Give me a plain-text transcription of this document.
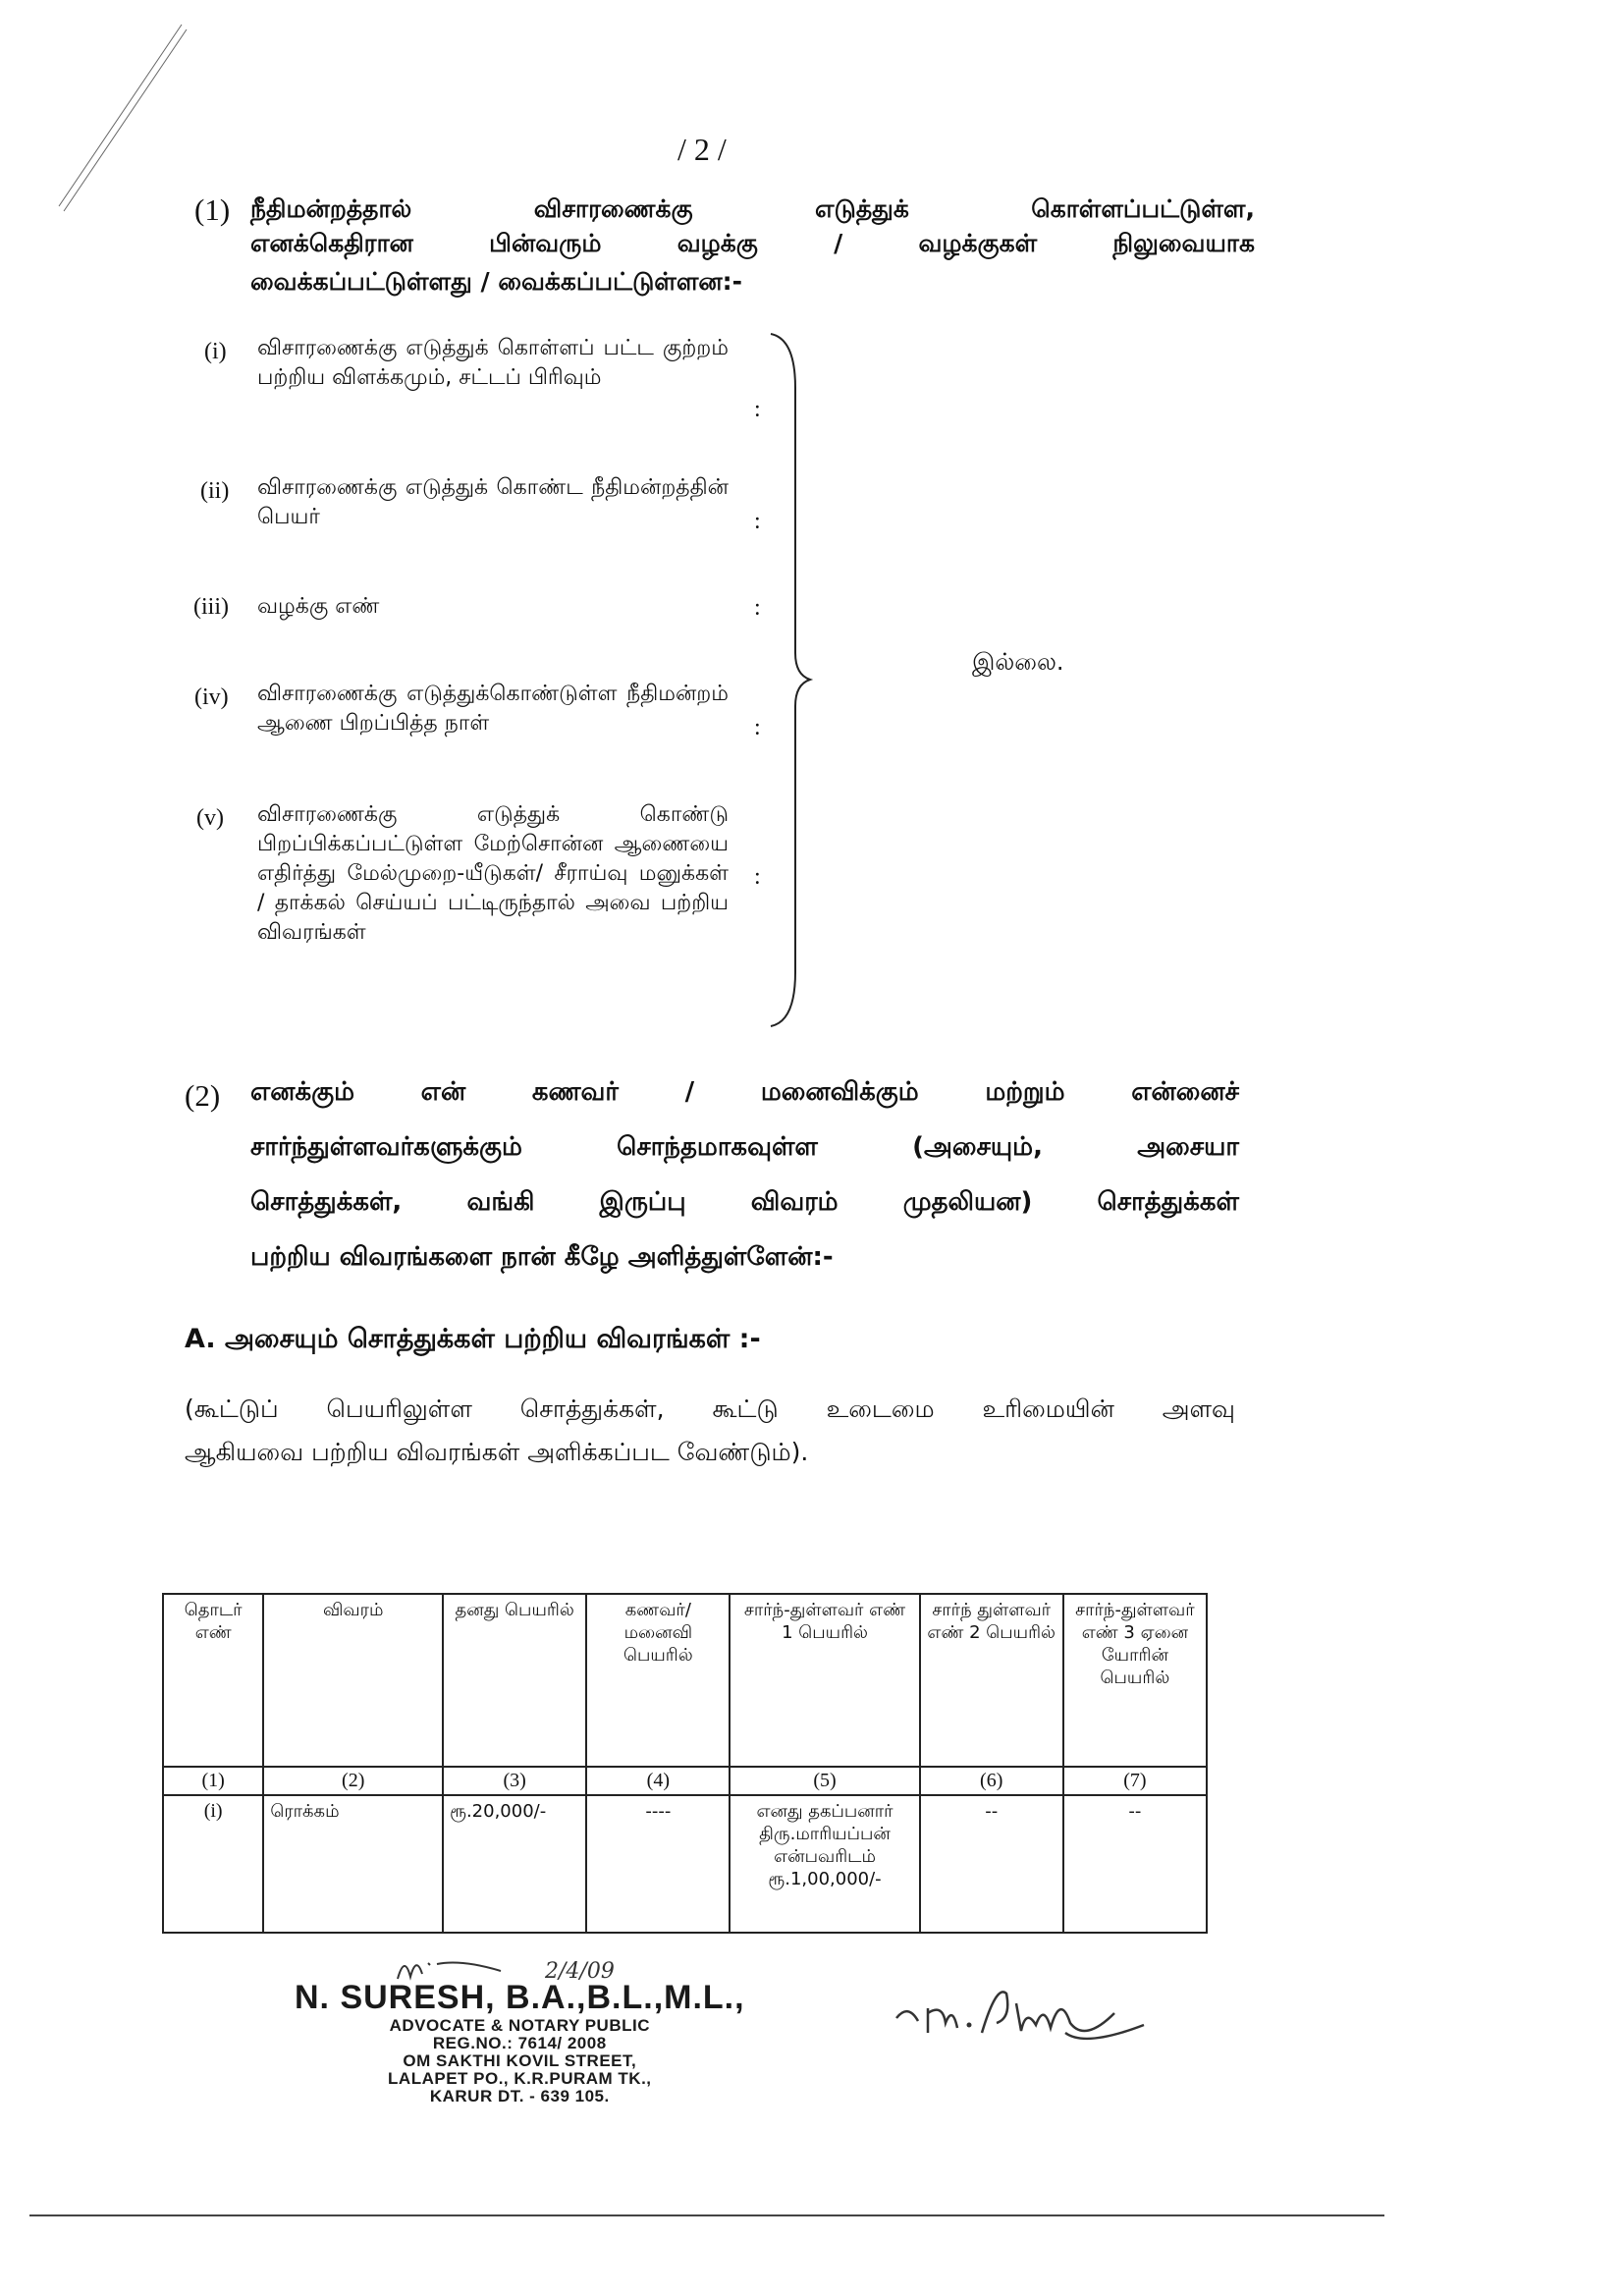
/ 2 /
(1) நீதிமன்றத்தால்	விசாரணைக்கு	எடுத்துக்	கொள்ளப்பட்டுள்ள,
எனக்கெதிரான	பின்வரும்	வழக்கு	/	வழக்குகள்	நிலுவையாக
வைக்கப்பட்டுள்ளது / வைக்கப்பட்டுள்ளன:-
(i) விசாரணைக்கு எடுத்துக் கொள்ளப் பட்ட குற்றம் பற்றிய விளக்கமும், சட்டப் பிரிவும்
:
(ii) விசாரணைக்கு எடுத்துக் கொண்ட நீதிமன்றத்தின் பெயர்	:
(iii) வழக்கு எண்	:
(iv) விசாரணைக்கு எடுத்துக்கொண்டுள்ள நீதிமன்றம் ஆணை பிறப்பித்த நாள்	:
(v) விசாரணைக்கு எடுத்துக் கொண்டு பிறப்பிக்கப்பட்டுள்ள மேற்சொன்ன ஆணையை எதிர்த்து மேல்முறை-யீடுகள்/ சீராய்வு மனுக்கள் / தாக்கல் செய்யப் பட்டிருந்தால் அவை பற்றிய விவரங்கள்
:
இல்லை.
(2) எனக்கும்	என்	கணவர்	/	மனைவிக்கும்	மற்றும்	என்னைச்
சார்ந்துள்ளவர்களுக்கும்	சொந்தமாகவுள்ள	(அசையும்,	அசையா
சொத்துக்கள்,	வங்கி	இருப்பு	விவரம்	முதலியன)	சொத்துக்கள்
பற்றிய விவரங்களை நான் கீழே அளித்துள்ளேன்:-
A. அசையும் சொத்துக்கள் பற்றிய விவரங்கள் :-
(கூட்டுப் பெயரிலுள்ள சொத்துக்கள், கூட்டு உடைமை உரிமையின் அளவு
ஆகியவை பற்றிய விவரங்கள் அளிக்கப்பட வேண்டும்).
தொடர் எண்	விவரம்	தனது பெயரில்	கணவர்/ மனைவி பெயரில்	சார்ந்-துள்ளவர் எண் 1 பெயரில்	சார்ந் துள்ளவர் எண் 2 பெயரில்	சார்ந்-துள்ளவர் எண் 3 ஏனை யோரின் பெயரில்
(1)	(2)	(3)	(4)	(5)	(6)	(7)
(i)	ரொக்கம்	ரூ.20,000/-	----	எனது தகப்பனார் திரு.மாரியப்பன் என்பவரிடம் ரூ.1,00,000/-	--	--
N. SURESH, B.A.,B.L.,M.L.,
ADVOCATE & NOTARY PUBLIC
REG.NO.: 7614/ 2008
OM SAKTHI KOVIL STREET,
LALAPET PO., K.R.PURAM TK.,
KARUR DT. - 639 105.
2/4/09
